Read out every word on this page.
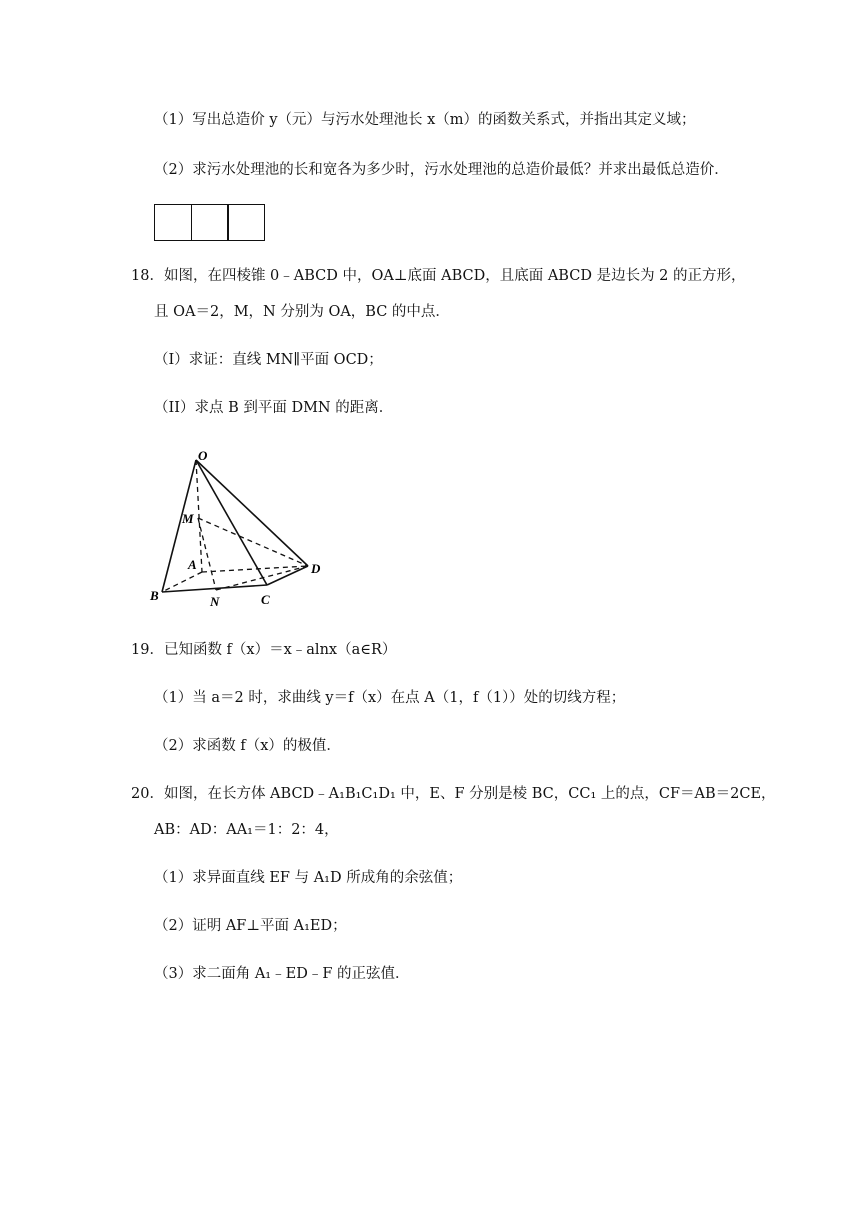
（1）写出总造价 y（元）与污水处理池长 x（m）的函数关系式，并指出其定义域；
（2）求污水处理池的长和宽各为多少时，污水处理池的总造价最低？并求出最低总造价．
18．如图，在四棱锥 0﹣ABCD 中，OA⊥底面 ABCD，且底面 ABCD 是边长为 2 的正方形，
且 OA＝2，M，N 分别为 OA，BC 的中点．
（I）求证：直线 MN∥平面 OCD；
（II）求点 B 到平面 DMN 的距离．
O
M
A
B	N	C
D
19．已知函数 f（x）＝x﹣alnx（a∈R）
（1）当 a＝2 时，求曲线 y＝f（x）在点 A（1，f（1））处的切线方程；
（2）求函数 f（x）的极值．
20．如图，在长方体 ABCD﹣A₁B₁C₁D₁ 中，E、F 分别是棱 BC，CC₁ 上的点，CF＝AB＝2CE，
AB：AD：AA₁＝1：2：4，
（1）求异面直线 EF 与 A₁D 所成角的余弦值；
（2）证明 AF⊥平面 A₁ED；
（3）求二面角 A₁﹣ED﹣F 的正弦值．
